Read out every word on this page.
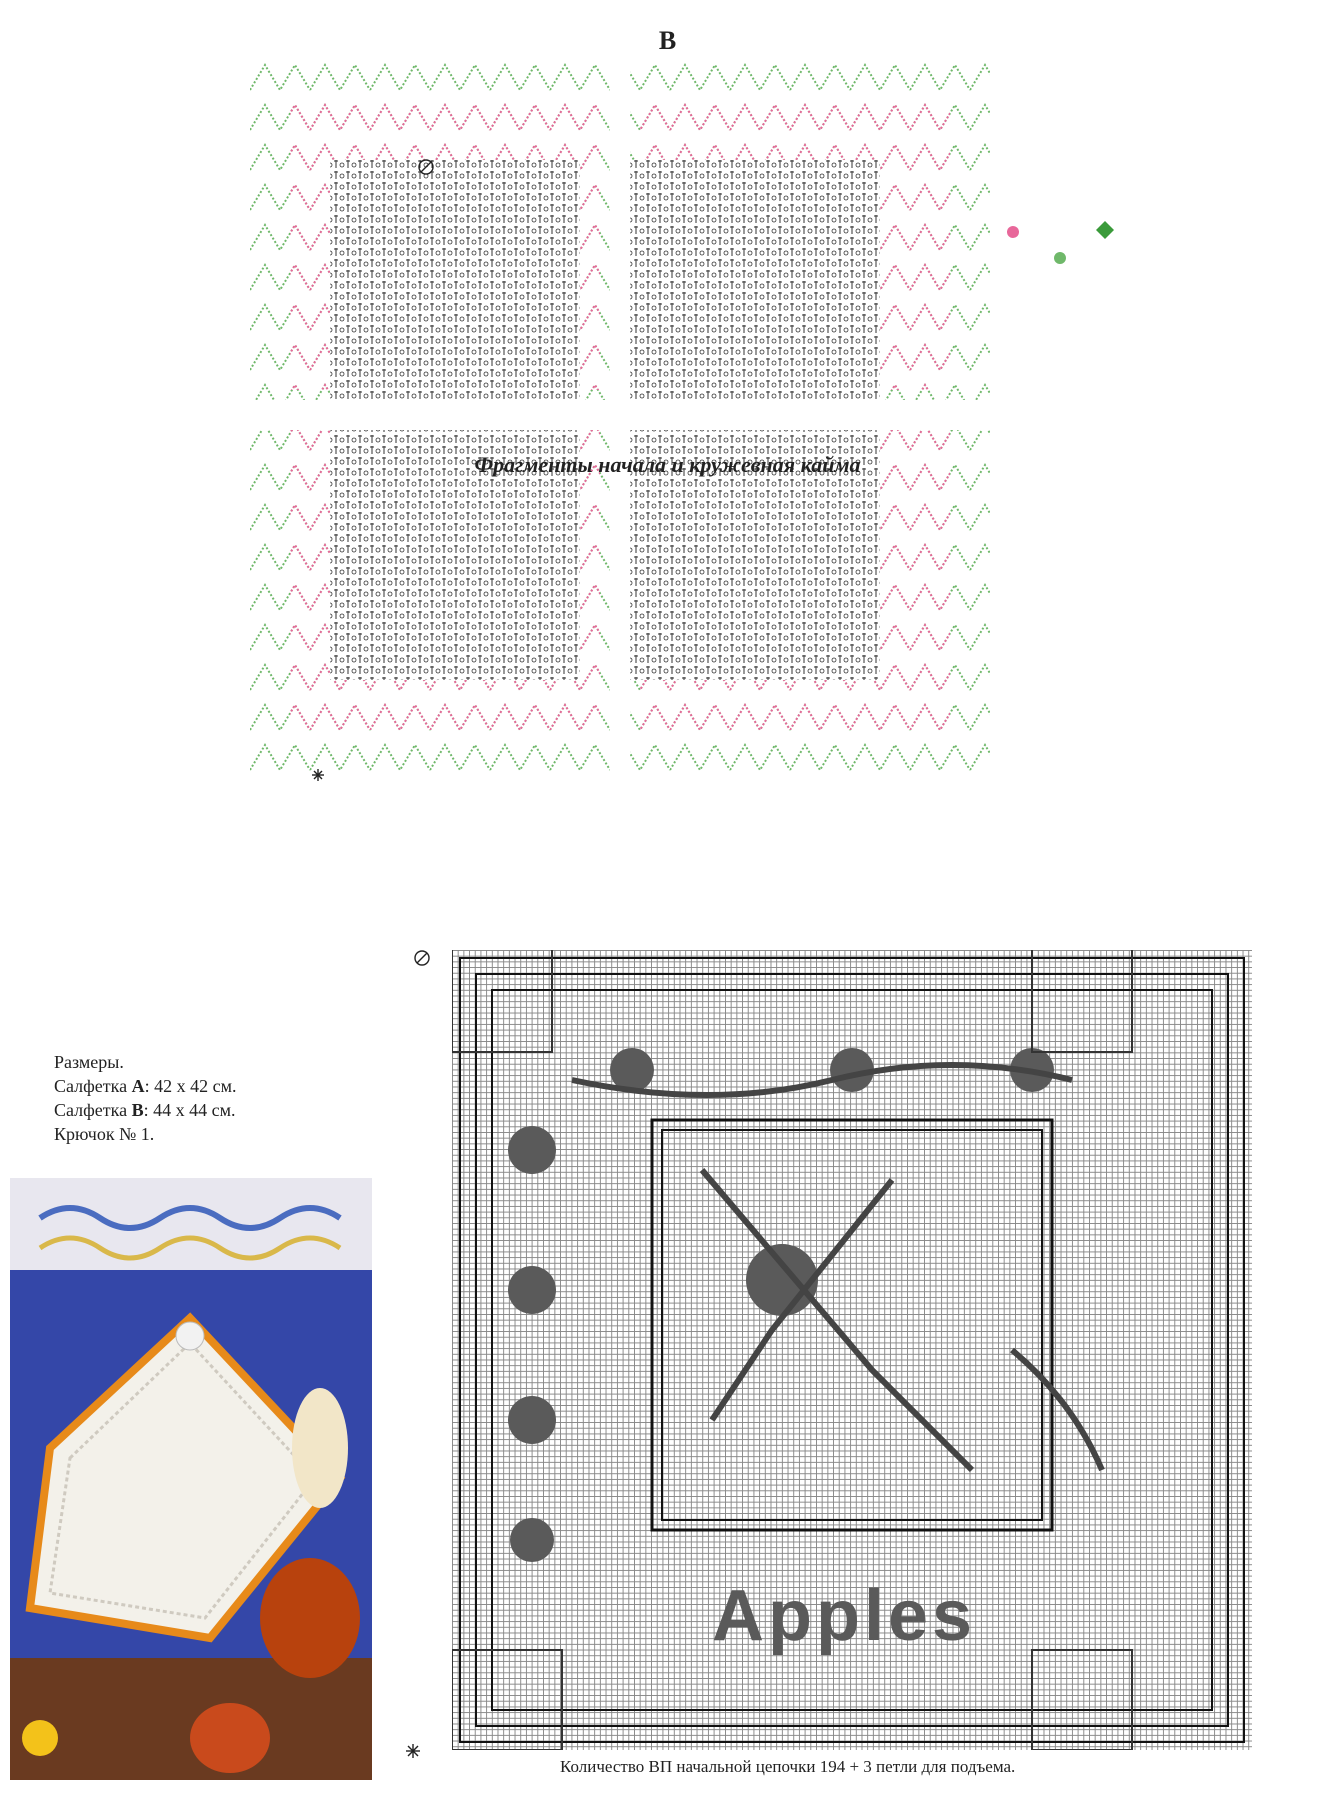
B
Фрагменты начала и кружевная кайма
Размеры.
Салфетка A: 42 x 42 см.
Салфетка B: 44 x 44 см.
Крючок № 1.
Apples
Количество ВП начальной цепочки 194 + 3 петли для подъема.
